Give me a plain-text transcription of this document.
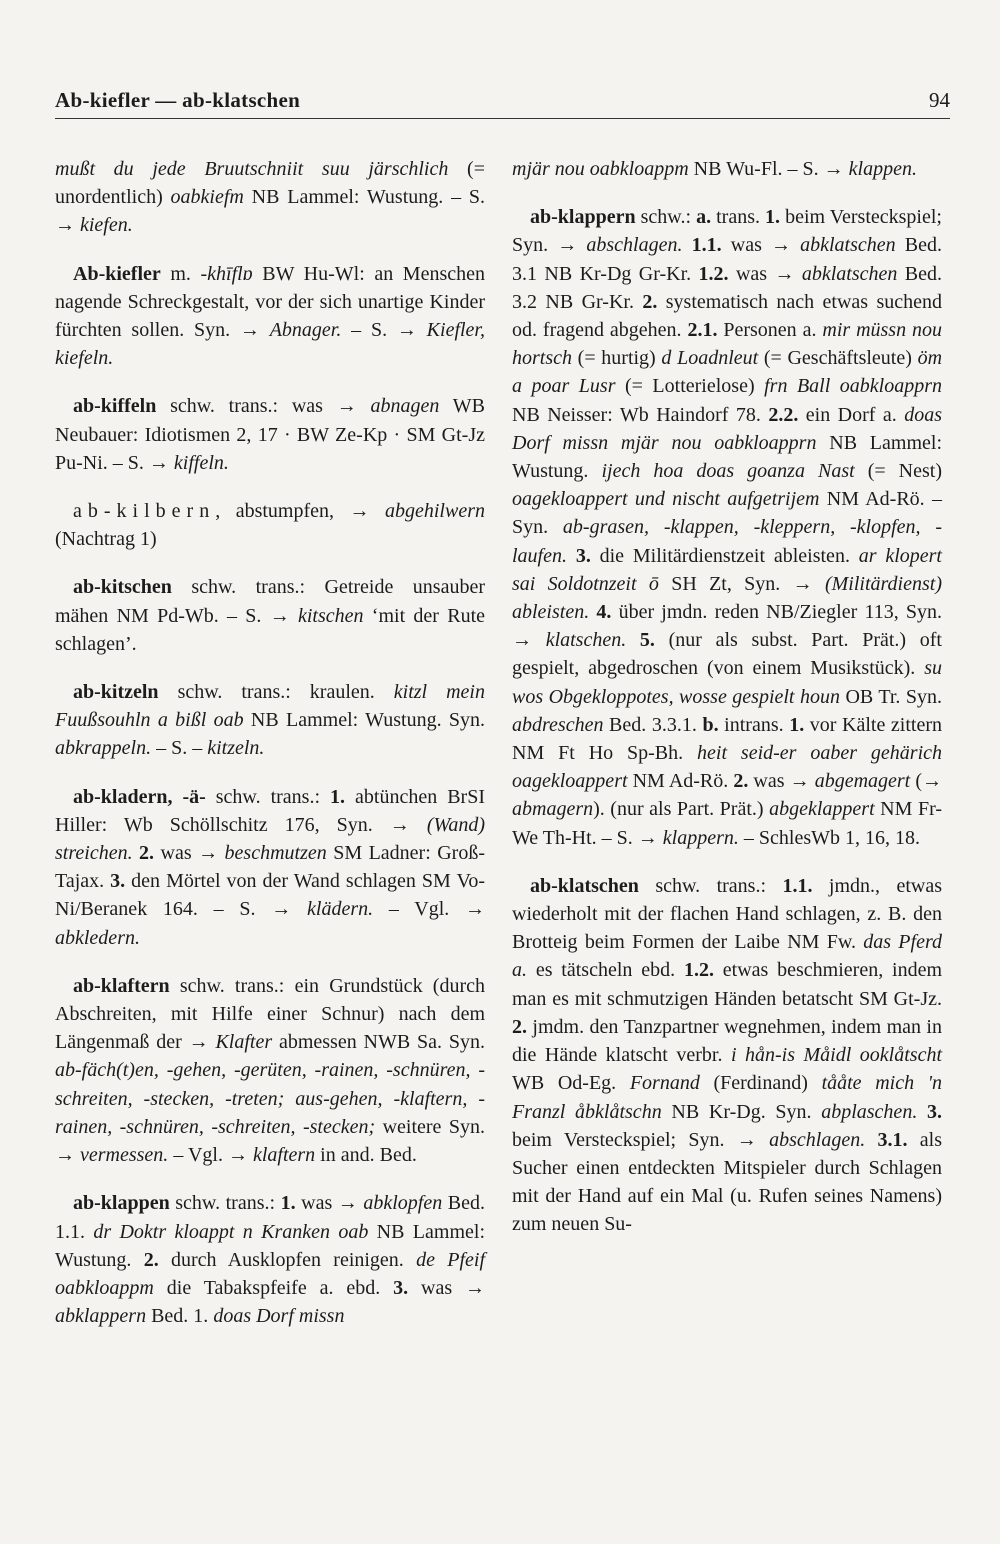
Ab-kiefler — ab-klatschen	94

mußt du jede Bruutschniit suu järschlich (= unordentlich) oabkiefm NB Lammel: Wustung. – S. → kiefen.

Ab-kiefler m. -khīflɒ BW Hu-Wl: an Menschen nagende Schreckgestalt, vor der sich unartige Kinder fürchten sollen. Syn. → Abnager. – S. → Kiefler, kiefeln.

ab-kiffeln schw. trans.: was → abnagen WB Neubauer: Idiotismen 2, 17 · BW Ze-Kp · SM Gt-Jz Pu-Ni. – S. → kiffeln.

ab-kilbern, abstumpfen, → abgehilwern (Nachtrag 1)

ab-kitschen schw. trans.: Getreide unsauber mähen NM Pd-Wb. – S. → kitschen ‘mit der Rute schlagen’.

ab-kitzeln schw. trans.: kraulen. kitzl mein Fuußsouhln a bißl oab NB Lammel: Wustung. Syn. abkrappeln. – S. – kitzeln.

ab-kladern, -ä- schw. trans.: 1. abtünchen BrSI Hiller: Wb Schöllschitz 176, Syn. → (Wand) streichen. 2. was → beschmutzen SM Ladner: Groß-Tajax. 3. den Mörtel von der Wand schlagen SM Vo-Ni/Beranek 164. – S. → klädern. – Vgl. → abkledern.

ab-klaftern schw. trans.: ein Grundstück (durch Abschreiten, mit Hilfe einer Schnur) nach dem Längenmaß der → Klafter abmessen NWB Sa. Syn. ab-fäch(t)en, -gehen, -gerüten, -rainen, -schnüren, -schreiten, -stecken, -treten; aus-gehen, -klaftern, -rainen, -schnüren, -schreiten, -stecken; weitere Syn. → vermessen. – Vgl. → klaftern in and. Bed.

ab-klappen schw. trans.: 1. was → abklopfen Bed. 1.1. dr Doktr kloappt n Kranken oab NB Lammel: Wustung. 2. durch Ausklopfen reinigen. de Pfeif oabkloappm die Tabakspfeife a. ebd. 3. was → abklappern Bed. 1. doas Dorf missn

mjär nou oabkloappm NB Wu-Fl. – S. → klappen.

ab-klappern schw.: a. trans. 1. beim Versteckspiel; Syn. → abschlagen. 1.1. was → abklatschen Bed. 3.1 NB Kr-Dg Gr-Kr. 1.2. was → abklatschen Bed. 3.2 NB Gr-Kr. 2. systematisch nach etwas suchend od. fragend abgehen. 2.1. Personen a. mir müssn nou hortsch (= hurtig) d Loadnleut (= Geschäftsleute) öm a poar Lusr (= Lotterielose) frn Ball oabkloapprn NB Neisser: Wb Haindorf 78. 2.2. ein Dorf a. doas Dorf missn mjär nou oabkloapprn NB Lammel: Wustung. ijech hoa doas goanza Nast (= Nest) oagekloappert und nischt aufgetrijem NM Ad-Rö. – Syn. ab-grasen, -klappen, -kleppern, -klopfen, -laufen. 3. die Militärdienstzeit ableisten. ar klopert sai Soldotnzeit ō SH Zt, Syn. → (Militärdienst) ableisten. 4. über jmdn. reden NB/Ziegler 113, Syn. → klatschen. 5. (nur als subst. Part. Prät.) oft gespielt, abgedroschen (von einem Musikstück). su wos Obgekloppotes, wosse gespielt houn OB Tr. Syn. abdreschen Bed. 3.3.1. b. intrans. 1. vor Kälte zittern NM Ft Ho Sp-Bh. heit seid-er oaber gehärich oagekloappert NM Ad-Rö. 2. was → abgemagert (→ abmagern). (nur als Part. Prät.) abgeklappert NM Fr-We Th-Ht. – S. → klappern. – SchlesWb 1, 16, 18.

ab-klatschen schw. trans.: 1.1. jmdn., etwas wiederholt mit der flachen Hand schlagen, z. B. den Brotteig beim Formen der Laibe NM Fw. das Pferd a. es tätscheln ebd. 1.2. etwas beschmieren, indem man es mit schmutzigen Händen betatscht SM Gt-Jz. 2. jmdm. den Tanzpartner wegnehmen, indem man in die Hände klatscht verbr. i hån-is Måidl ooklåtscht WB Od-Eg. Fornand (Ferdinand) tååte mich 'n Franzl åbklåtschn NB Kr-Dg. Syn. abplaschen. 3. beim Versteckspiel; Syn. → abschlagen. 3.1. als Sucher einen entdeckten Mitspieler durch Schlagen mit der Hand auf ein Mal (u. Rufen seines Namens) zum neuen Su-
